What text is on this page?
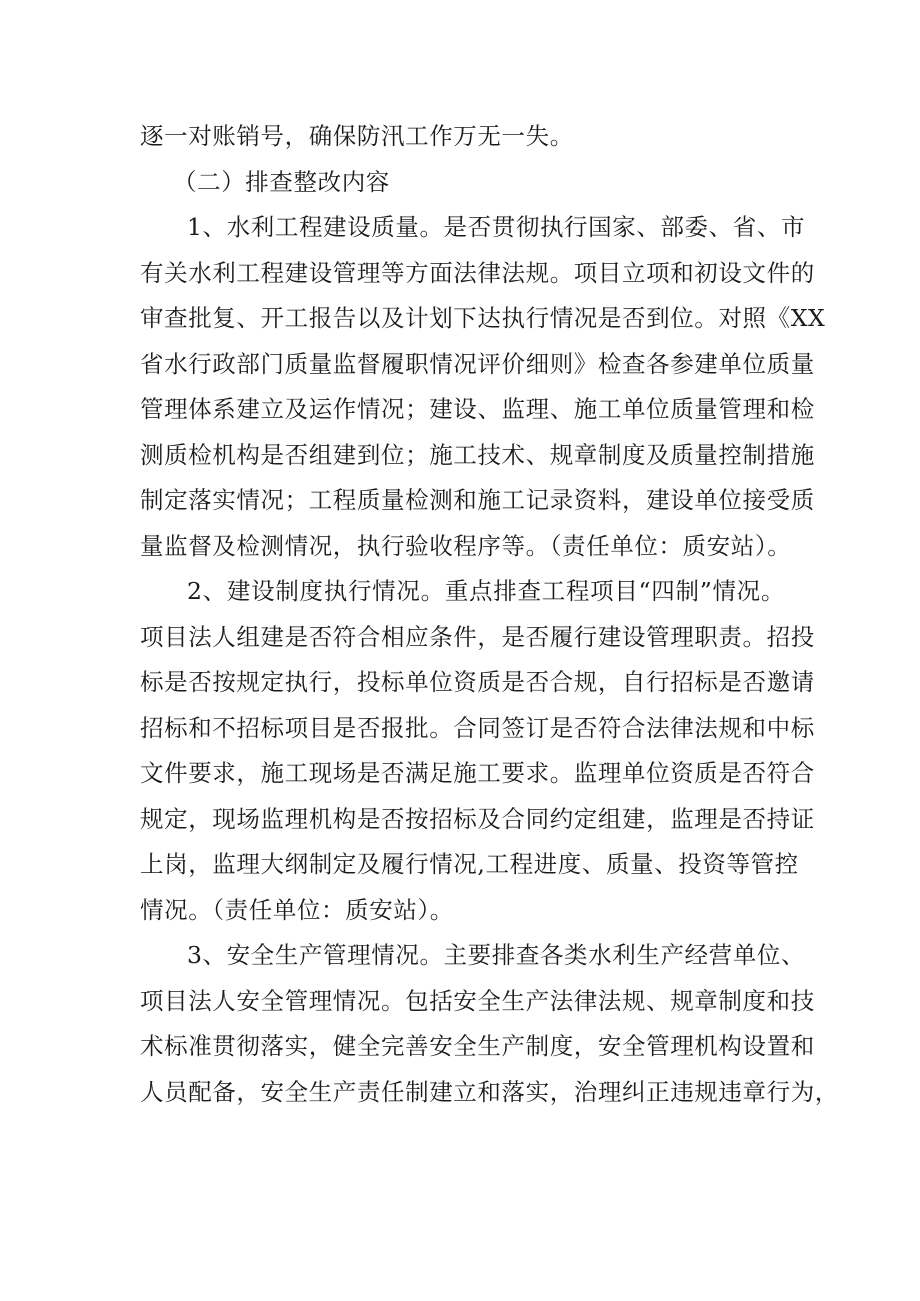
逐一对账销号，确保防汛工作万无一失。
（二）排查整改内容
1、水利工程建设质量。是否贯彻执行国家、部委、省、市
有关水利工程建设管理等方面法律法规。项目立项和初设文件的
审查批复、开工报告以及计划下达执行情况是否到位。对照《XX
省水行政部门质量监督履职情况评价细则》检查各参建单位质量
管理体系建立及运作情况；建设、监理、施工单位质量管理和检
测质检机构是否组建到位；施工技术、规章制度及质量控制措施
制定落实情况；工程质量检测和施工记录资料，建设单位接受质
量监督及检测情况，执行验收程序等。（责任单位：质安站）。
2、建设制度执行情况。重点排查工程项目“四制”情况。
项目法人组建是否符合相应条件，是否履行建设管理职责。招投
标是否按规定执行，投标单位资质是否合规，自行招标是否邀请
招标和不招标项目是否报批。合同签订是否符合法律法规和中标
文件要求，施工现场是否满足施工要求。监理单位资质是否符合
规定，现场监理机构是否按招标及合同约定组建，监理是否持证
上岗，监理大纲制定及履行情况,工程进度、质量、投资等管控
情况。（责任单位：质安站）。
3、安全生产管理情况。主要排查各类水利生产经营单位、
项目法人安全管理情况。包括安全生产法律法规、规章制度和技
术标准贯彻落实，健全完善安全生产制度，安全管理机构设置和
人员配备，安全生产责任制建立和落实，治理纠正违规违章行为，
